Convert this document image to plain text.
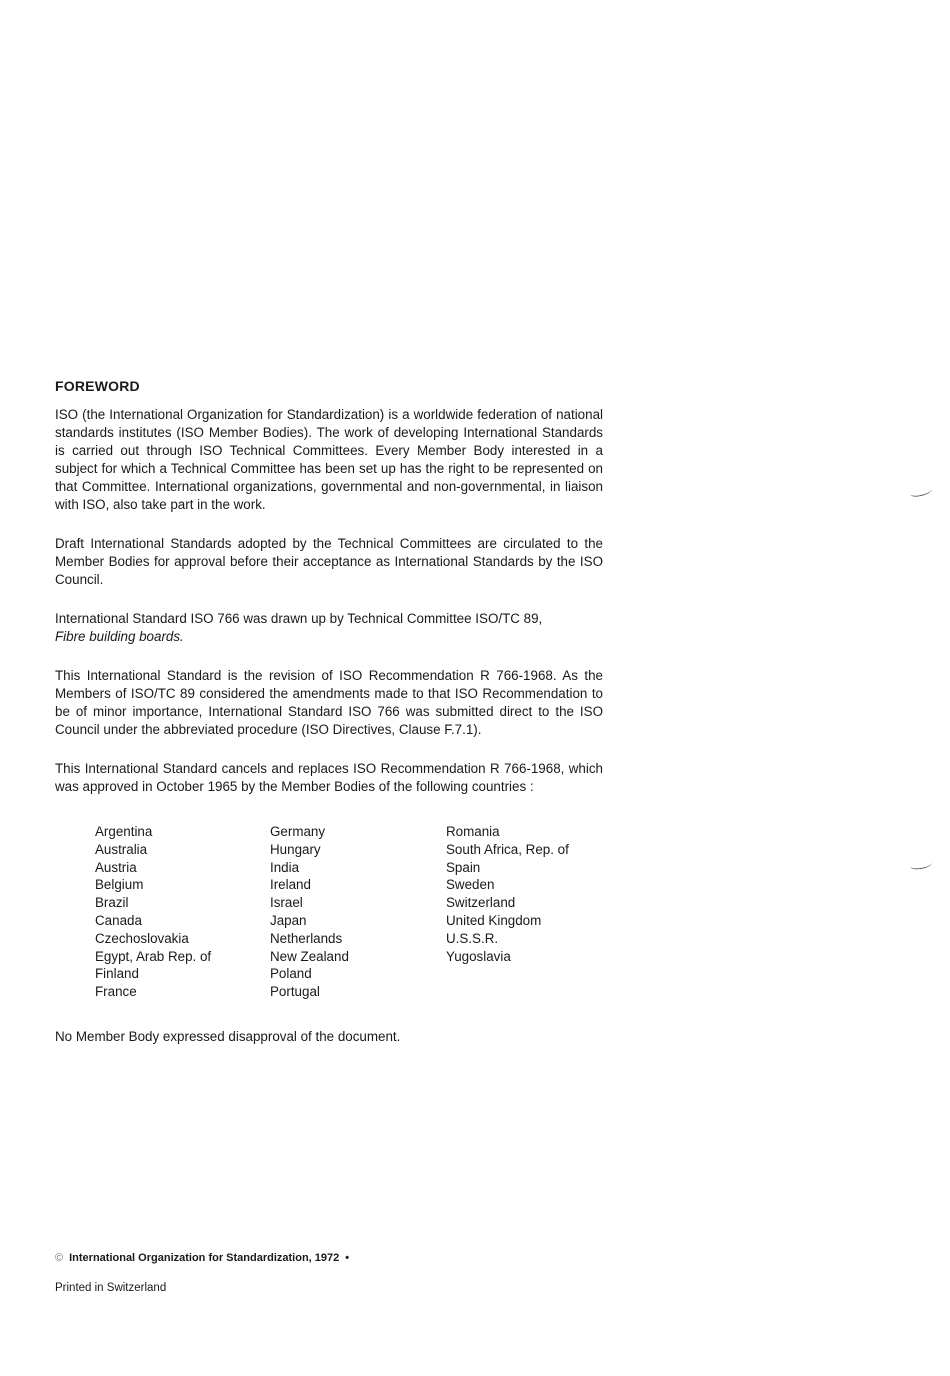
FOREWORD

ISO (the International Organization for Standardization) is a worldwide federation of national standards institutes (ISO Member Bodies). The work of developing International Standards is carried out through ISO Technical Committees. Every Member Body interested in a subject for which a Technical Committee has been set up has the right to be represented on that Committee. International organizations, governmental and non-governmental, in liaison with ISO, also take part in the work.

Draft International Standards adopted by the Technical Committees are circulated to the Member Bodies for approval before their acceptance as International Standards by the ISO Council.

International Standard ISO 766 was drawn up by Technical Committee ISO/TC 89,
Fibre building boards.

This International Standard is the revision of ISO Recommendation R 766-1968. As the Members of ISO/TC 89 considered the amendments made to that ISO Recommendation to be of minor importance, International Standard ISO 766 was submitted direct to the ISO Council under the abbreviated procedure (ISO Directives, Clause F.7.1).

This International Standard cancels and replaces ISO Recommendation R 766-1968, which was approved in October 1965 by the Member Bodies of the following countries :

Argentina
Australia
Austria
Belgium
Brazil
Canada
Czechoslovakia
Egypt, Arab Rep. of
Finland
France
Germany
Hungary
India
Ireland
Israel
Japan
Netherlands
New Zealand
Poland
Portugal
Romania
South Africa, Rep. of
Spain
Sweden
Switzerland
United Kingdom
U.S.S.R.
Yugoslavia

No Member Body expressed disapproval of the document.

© International Organization for Standardization, 1972 •
Printed in Switzerland
